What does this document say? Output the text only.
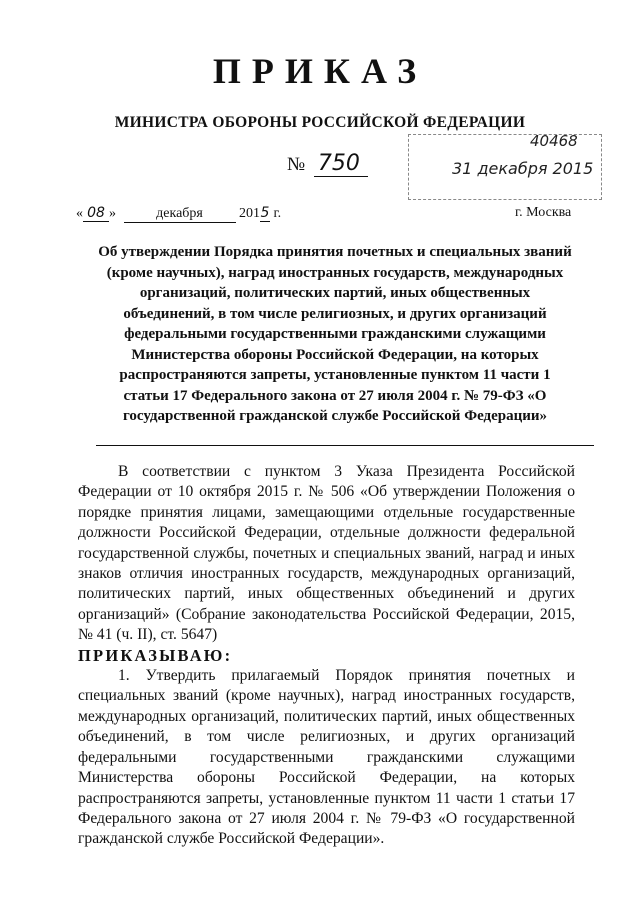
ПРИКАЗ
МИНИСТРА ОБОРОНЫ РОССИЙСКОЙ ФЕДЕРАЦИИ
№ 750
40468
31 декабря 2015
« 08 »	декабря	2015 г.	г. Москва
Об утверждении Порядка принятия почетных и специальных званий (кроме научных), наград иностранных государств, международных организаций, политических партий, иных общественных объединений, в том числе религиозных, и других организаций федеральными государственными гражданскими служащими Министерства обороны Российской Федерации, на которых распространяются запреты, установленные пунктом 11 части 1 статьи 17 Федерального закона от 27 июля 2004 г. № 79-ФЗ «О государственной гражданской службе Российской Федерации»

В соответствии с пунктом 3 Указа Президента Российской Федерации от 10 октября 2015 г. № 506 «Об утверждении Положения о порядке принятия лицами, замещающими отдельные государственные должности Российской Федерации, отдельные должности федеральной государственной службы, почетных и специальных званий, наград и иных знаков отличия иностранных государств, международных организаций, политических партий, иных общественных объединений и других организаций» (Собрание законодательства Российской Федерации, 2015, № 41 (ч. II), ст. 5647)

ПРИКАЗЫВАЮ:

1. Утвердить прилагаемый Порядок принятия почетных и специальных званий (кроме научных), наград иностранных государств, международных организаций, политических партий, иных общественных объединений, в том числе религиозных, и других организаций федеральными государственными гражданскими служащими Министерства обороны Российской Федерации, на которых распространяются запреты, установленные пунктом 11 части 1 статьи 17 Федерального закона от 27 июля 2004 г. № 79-ФЗ «О государственной гражданской службе Российской Федерации».
